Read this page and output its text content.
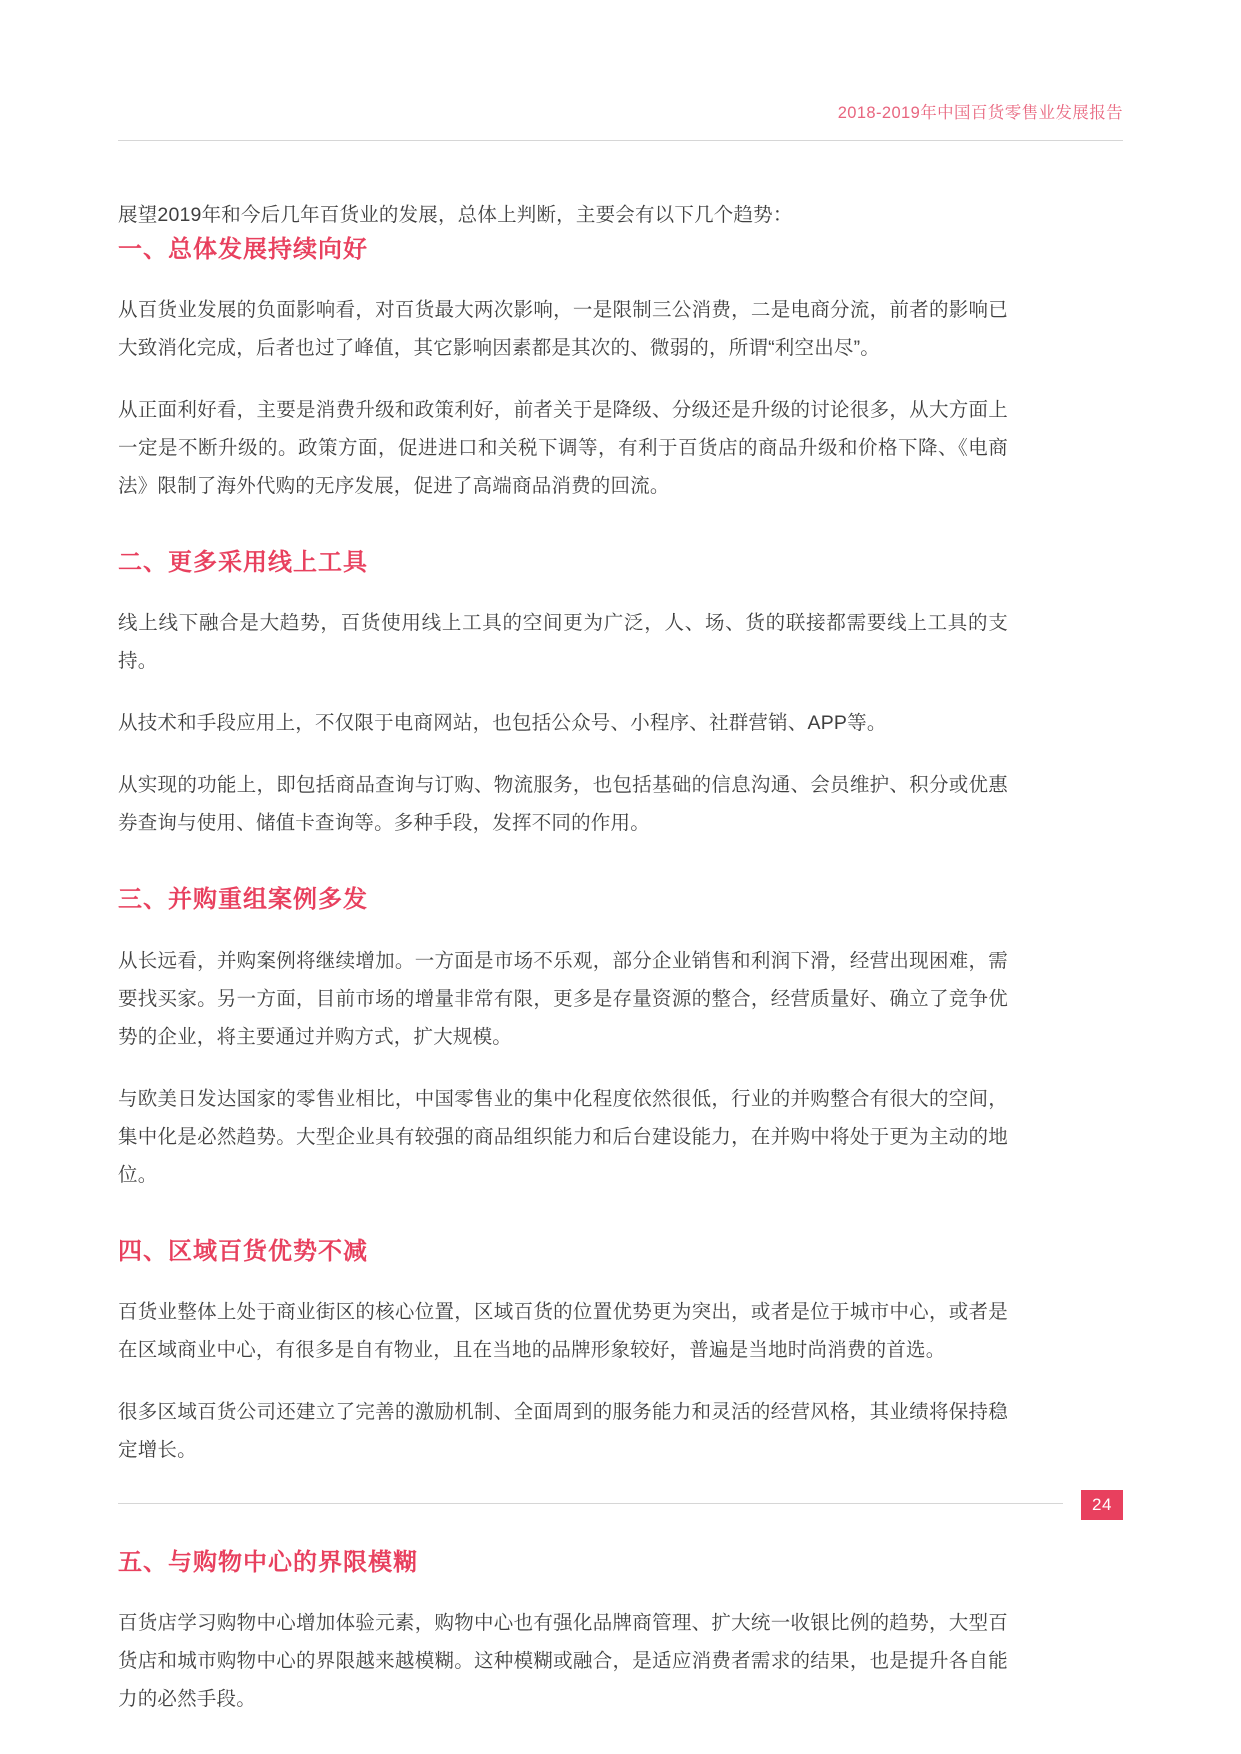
2018-2019年中国百货零售业发展报告

展望2019年和今后几年百货业的发展，总体上判断，主要会有以下几个趋势：

一、总体发展持续向好

从百货业发展的负面影响看，对百货最大两次影响，一是限制三公消费，二是电商分流，前者的影响已大致消化完成，后者也过了峰值，其它影响因素都是其次的、微弱的，所谓“利空出尽”。

从正面利好看，主要是消费升级和政策利好，前者关于是降级、分级还是升级的讨论很多，从大方面上一定是不断升级的。政策方面，促进进口和关税下调等，有利于百货店的商品升级和价格下降、《电商法》限制了海外代购的无序发展，促进了高端商品消费的回流。

二、更多采用线上工具

线上线下融合是大趋势，百货使用线上工具的空间更为广泛，人、场、货的联接都需要线上工具的支持。

从技术和手段应用上，不仅限于电商网站，也包括公众号、小程序、社群营销、APP等。

从实现的功能上，即包括商品查询与订购、物流服务，也包括基础的信息沟通、会员维护、积分或优惠券查询与使用、储值卡查询等。多种手段，发挥不同的作用。

三、并购重组案例多发

从长远看，并购案例将继续增加。一方面是市场不乐观，部分企业销售和利润下滑，经营出现困难，需要找买家。另一方面，目前市场的增量非常有限，更多是存量资源的整合，经营质量好、确立了竞争优势的企业，将主要通过并购方式，扩大规模。

与欧美日发达国家的零售业相比，中国零售业的集中化程度依然很低，行业的并购整合有很大的空间，集中化是必然趋势。大型企业具有较强的商品组织能力和后台建设能力，在并购中将处于更为主动的地位。

四、区域百货优势不减

百货业整体上处于商业街区的核心位置，区域百货的位置优势更为突出，或者是位于城市中心，或者是在区域商业中心，有很多是自有物业，且在当地的品牌形象较好，普遍是当地时尚消费的首选。

很多区域百货公司还建立了完善的激励机制、全面周到的服务能力和灵活的经营风格，其业绩将保持稳定增长。

五、与购物中心的界限模糊

百货店学习购物中心增加体验元素，购物中心也有强化品牌商管理、扩大统一收银比例的趋势，大型百货店和城市购物中心的界限越来越模糊。这种模糊或融合，是适应消费者需求的结果，也是提升各自能力的必然手段。

24
